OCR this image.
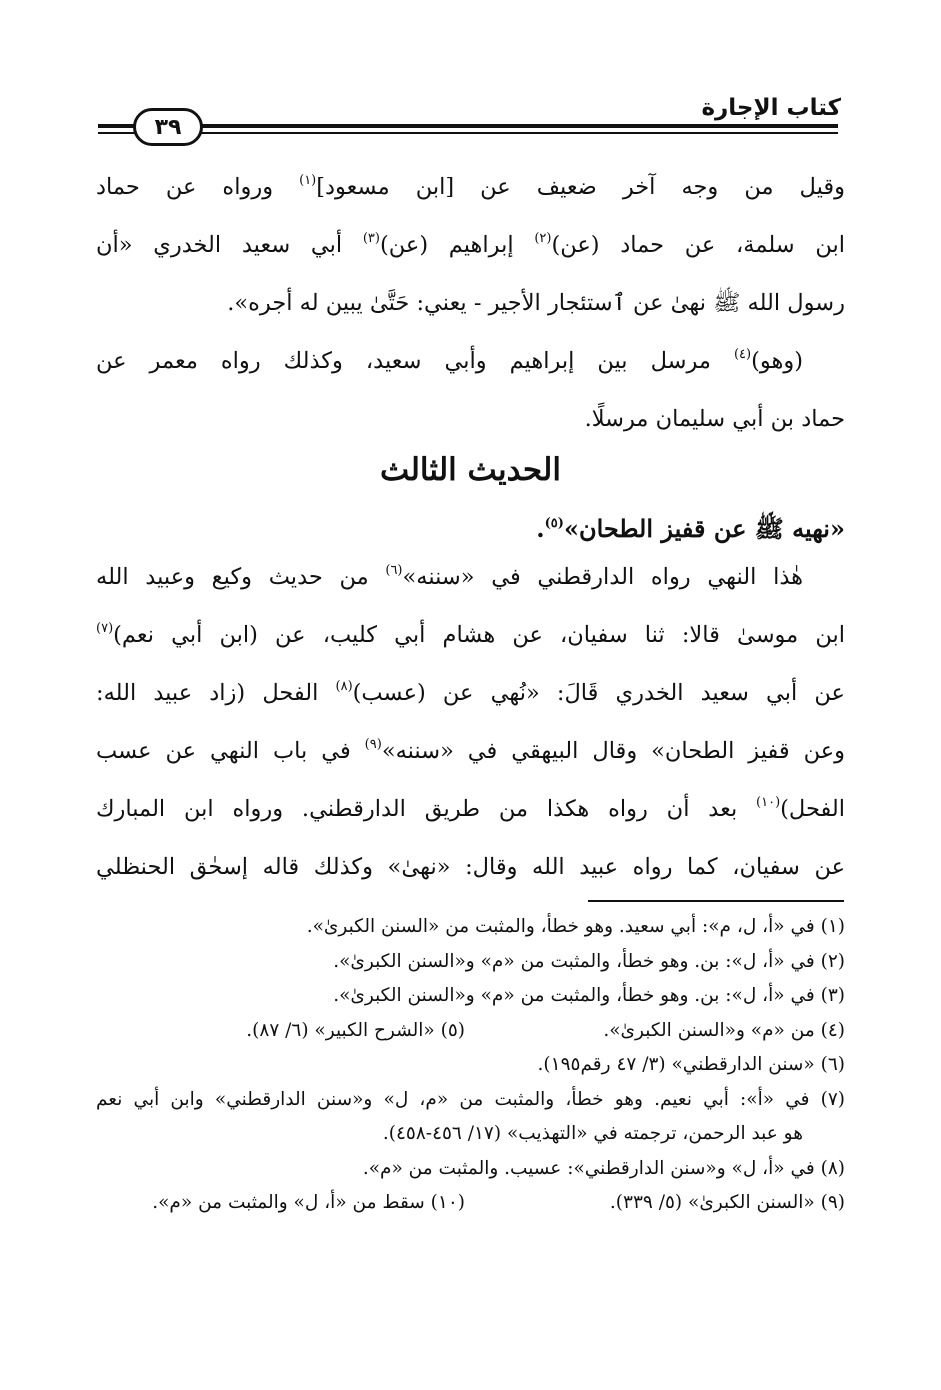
كتاب الإجارة
٣٩
وقيل من وجه آخر ضعيف عن [ابن مسعود]$^{(١)}$ ورواه عن حماد
ابن سلمة، عن حماد (عن)$^{(٢)}$ إبراهيم (عن)$^{(٣)}$ أبي سعيد الخدري «أن
رسول الله ﷺ نهىٰ عن ٱستئجار الأجير - يعني: حَتَّىٰ يبين له أجره».
(وهو)$^{(٤)}$ مرسل بين إبراهيم وأبي سعيد، وكذلك رواه معمر عن
حماد بن أبي سليمان مرسلًا.
الحديث الثالث
«نهيه ﷺ عن قفيز الطحان»$^{(٥)}$.
هٰذا النهي رواه الدارقطني في «سننه»$^{(٦)}$ من حديث وكيع وعبيد الله
ابن موسىٰ قالا: ثنا سفيان، عن هشام أبي كليب، عن (ابن أبي نعم)$^{(٧)}$
عن أبي سعيد الخدري قَالَ: «نُهي عن (عسب)$^{(٨)}$ الفحل (زاد عبيد الله:
وعن قفيز الطحان» وقال البيهقي في «سننه»$^{(٩)}$ في باب النهي عن عسب
الفحل)$^{(١٠)}$ بعد أن رواه هكذا من طريق الدارقطني. ورواه ابن المبارك
عن سفيان، كما رواه عبيد الله وقال: «نهىٰ» وكذلك قاله إسحٰق الحنظلي
(١) في «أ، ل، م»: أبي سعيد. وهو خطأ، والمثبت من «السنن الكبرىٰ».
(٢) في «أ، ل»: بن. وهو خطأ، والمثبت من «م» و«السنن الكبرىٰ».
(٣) في «أ، ل»: بن. وهو خطأ، والمثبت من «م» و«السنن الكبرىٰ».
(٤) من «م» و«السنن الكبرىٰ».
(٥) «الشرح الكبير» (٦/ ٨٧).
(٦) «سنن الدارقطني» (٣/ ٤٧ رقم١٩٥).
(٧) في «أ»: أبي نعيم. وهو خطأ، والمثبت من «م، ل» و«سنن الدارقطني» وابن أبي نعم
هو عبد الرحمن، ترجمته في «التهذيب» (١٧/ ٤٥٦-٤٥٨).
(٨) في «أ، ل» و«سنن الدارقطني»: عسيب. والمثبت من «م».
(٩) «السنن الكبرىٰ» (٥/ ٣٣٩).
(١٠) سقط من «أ، ل» والمثبت من «م».
